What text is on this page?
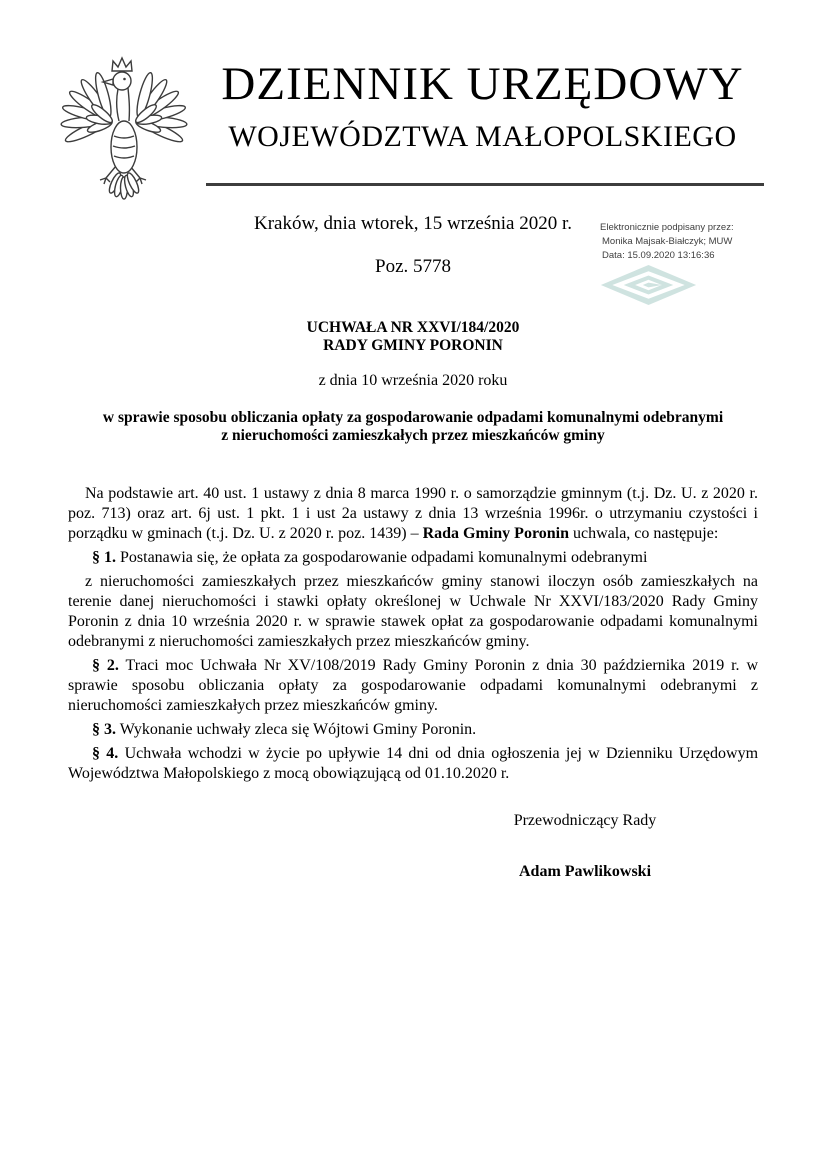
DZIENNIK URZĘDOWY
WOJEWÓDZTWA MAŁOPOLSKIEGO
Kraków, dnia wtorek, 15 września 2020 r.	Elektronicznie podpisany przez:
Monika Majsak-Białczyk; MUW
Data: 15.09.2020 13:16:36
Poz. 5778
UCHWAŁA NR XXVI/184/2020
RADY GMINY PORONIN
z dnia 10 września 2020 roku
w sprawie sposobu obliczania opłaty za gospodarowanie odpadami komunalnymi odebranymi
z nieruchomości zamieszkałych przez mieszkańców gminy

Na podstawie art. 40 ust. 1 ustawy z dnia 8 marca 1990 r. o samorządzie gminnym (t.j. Dz. U. z 2020 r. poz. 713) oraz art. 6j ust. 1 pkt. 1 i ust 2a ustawy z dnia 13 września 1996r. o utrzymaniu czystości i porządku w gminach (t.j. Dz. U. z 2020 r. poz. 1439) – Rada Gminy Poronin uchwala, co następuje:

§ 1. Postanawia się, że opłata za gospodarowanie odpadami komunalnymi odebranymi

z nieruchomości zamieszkałych przez mieszkańców gminy stanowi iloczyn osób zamieszkałych na terenie danej nieruchomości i stawki opłaty określonej w Uchwale Nr XXVI/183/2020 Rady Gminy Poronin z dnia 10 września 2020 r. w sprawie stawek opłat za gospodarowanie odpadami komunalnymi odebranymi z nieruchomości zamieszkałych przez mieszkańców gminy.

§ 2. Traci moc Uchwała Nr XV/108/2019 Rady Gminy Poronin z dnia 30 października 2019 r. w sprawie sposobu obliczania opłaty za gospodarowanie odpadami komunalnymi odebranymi z nieruchomości zamieszkałych przez mieszkańców gminy.

§ 3. Wykonanie uchwały zleca się Wójtowi Gminy Poronin.

§ 4. Uchwała wchodzi w życie po upływie 14 dni od dnia ogłoszenia jej w Dzienniku Urzędowym Województwa Małopolskiego z mocą obowiązującą od 01.10.2020 r.

Przewodniczący Rady
Adam Pawlikowski
